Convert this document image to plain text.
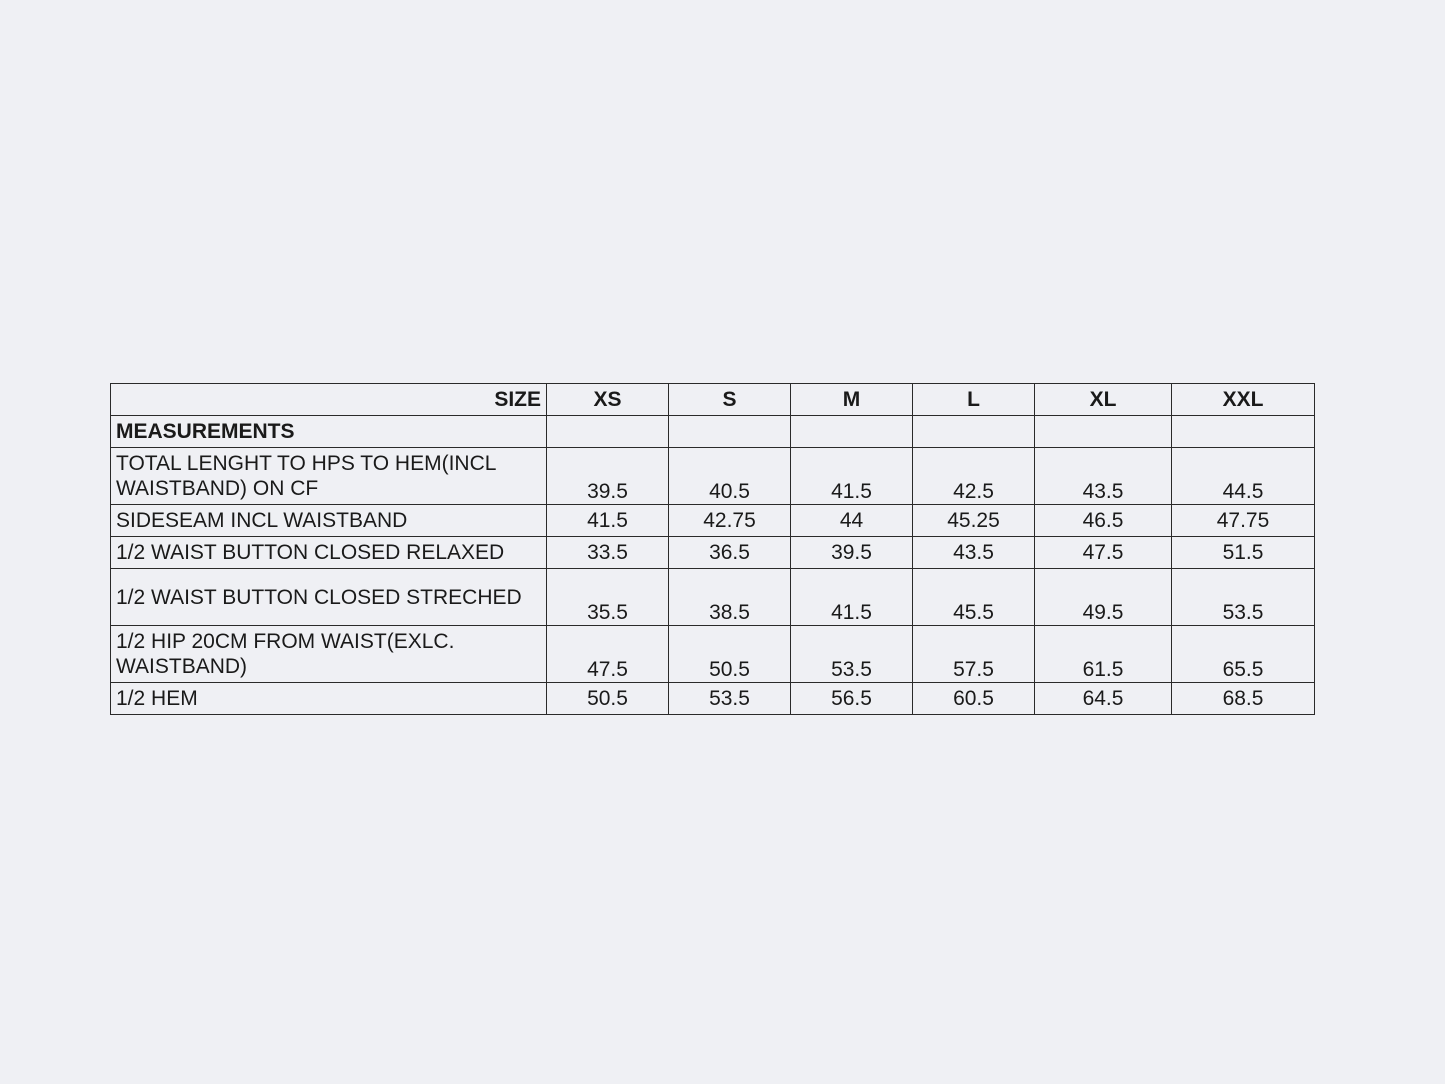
SIZE	XS	S	M	L	XL	XXL
MEASUREMENTS						
TOTAL LENGHT TO HPS TO HEM(INCL WAISTBAND) ON CF	39.5	40.5	41.5	42.5	43.5	44.5
SIDESEAM INCL WAISTBAND	41.5	42.75	44	45.25	46.5	47.75
1/2 WAIST BUTTON CLOSED RELAXED	33.5	36.5	39.5	43.5	47.5	51.5
1/2 WAIST BUTTON CLOSED STRECHED	35.5	38.5	41.5	45.5	49.5	53.5
1/2 HIP 20CM FROM WAIST(EXLC. WAISTBAND)	47.5	50.5	53.5	57.5	61.5	65.5
1/2 HEM	50.5	53.5	56.5	60.5	64.5	68.5
